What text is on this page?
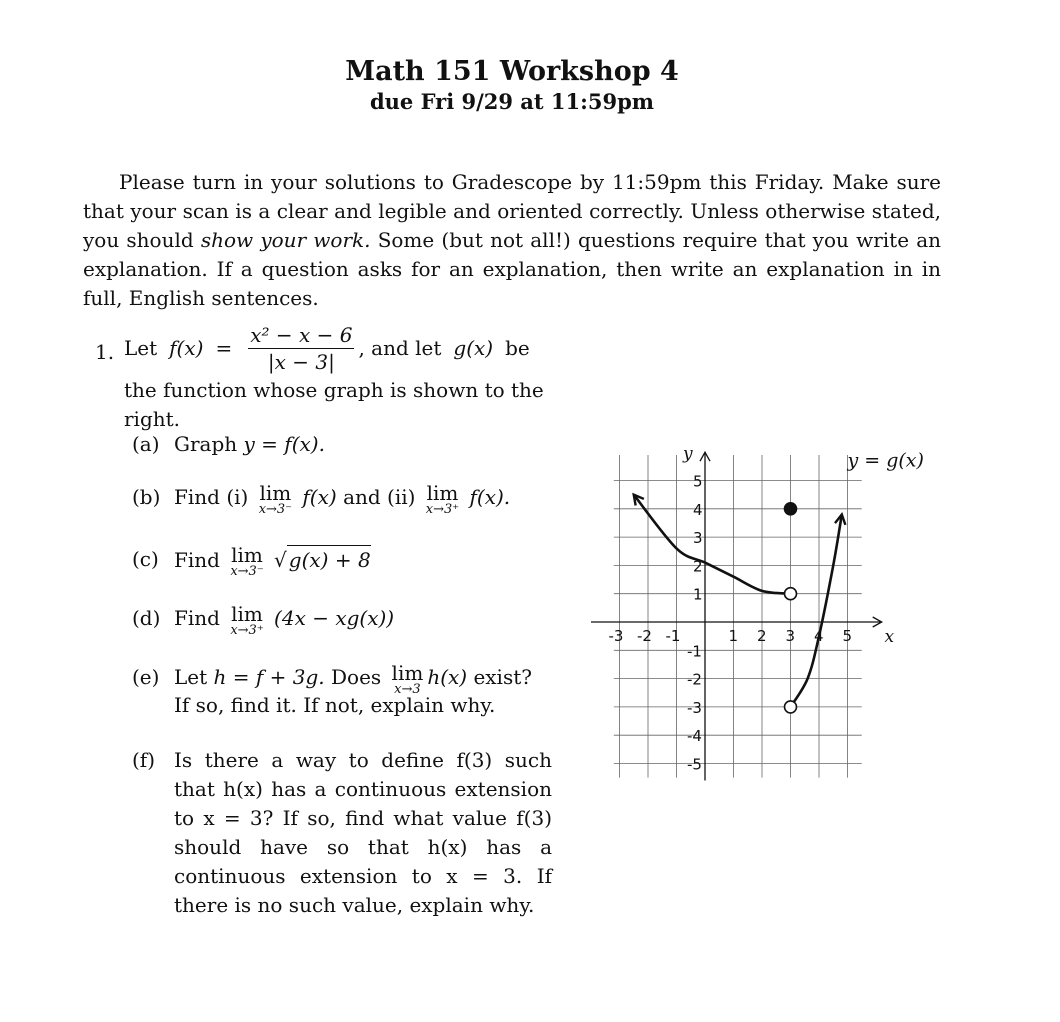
Math 151 Workshop 4
due Fri 9/29 at 11:59pm

Please turn in your solutions to Gradescope by 11:59pm this Friday. Make sure that your scan is a clear and legible and oriented correctly. Unless otherwise stated, you should show your work. Some (but not all!) questions require that you write an explanation. If a question asks for an explanation, then write an explanation in in full, English sentences.

1. Let $f(x) = \frac{\text{x² − x − 6}}{|x - 3|}$ , and let g(x) be
the function whose graph is shown to the right.
(a) Graph y = f(x).
(b) Find (i) lim
x→3⁻
f(x) and (ii) lim
x→3⁺
f(x).
(c) Find lim
x→3⁻ √ g(x) + 8
(d) Find lim
x→3⁺
(4x − xg(x))
(e) Let h = f + 3g. Does lim
x→3
h(x) exist?
If so, find it. If not, explain why.
(f) Is there a way to define f(3) such that h(x) has a continuous extension to x = 3? If so, find what value f(3) should have so that h(x) has a continuous extension to x = 3. If there is no such value, explain why.
x
y	y = g(x)
-3 -2 -1	1 2 3 4 5
5
4
3
2
1
-1
-2
-3
-4
-5
